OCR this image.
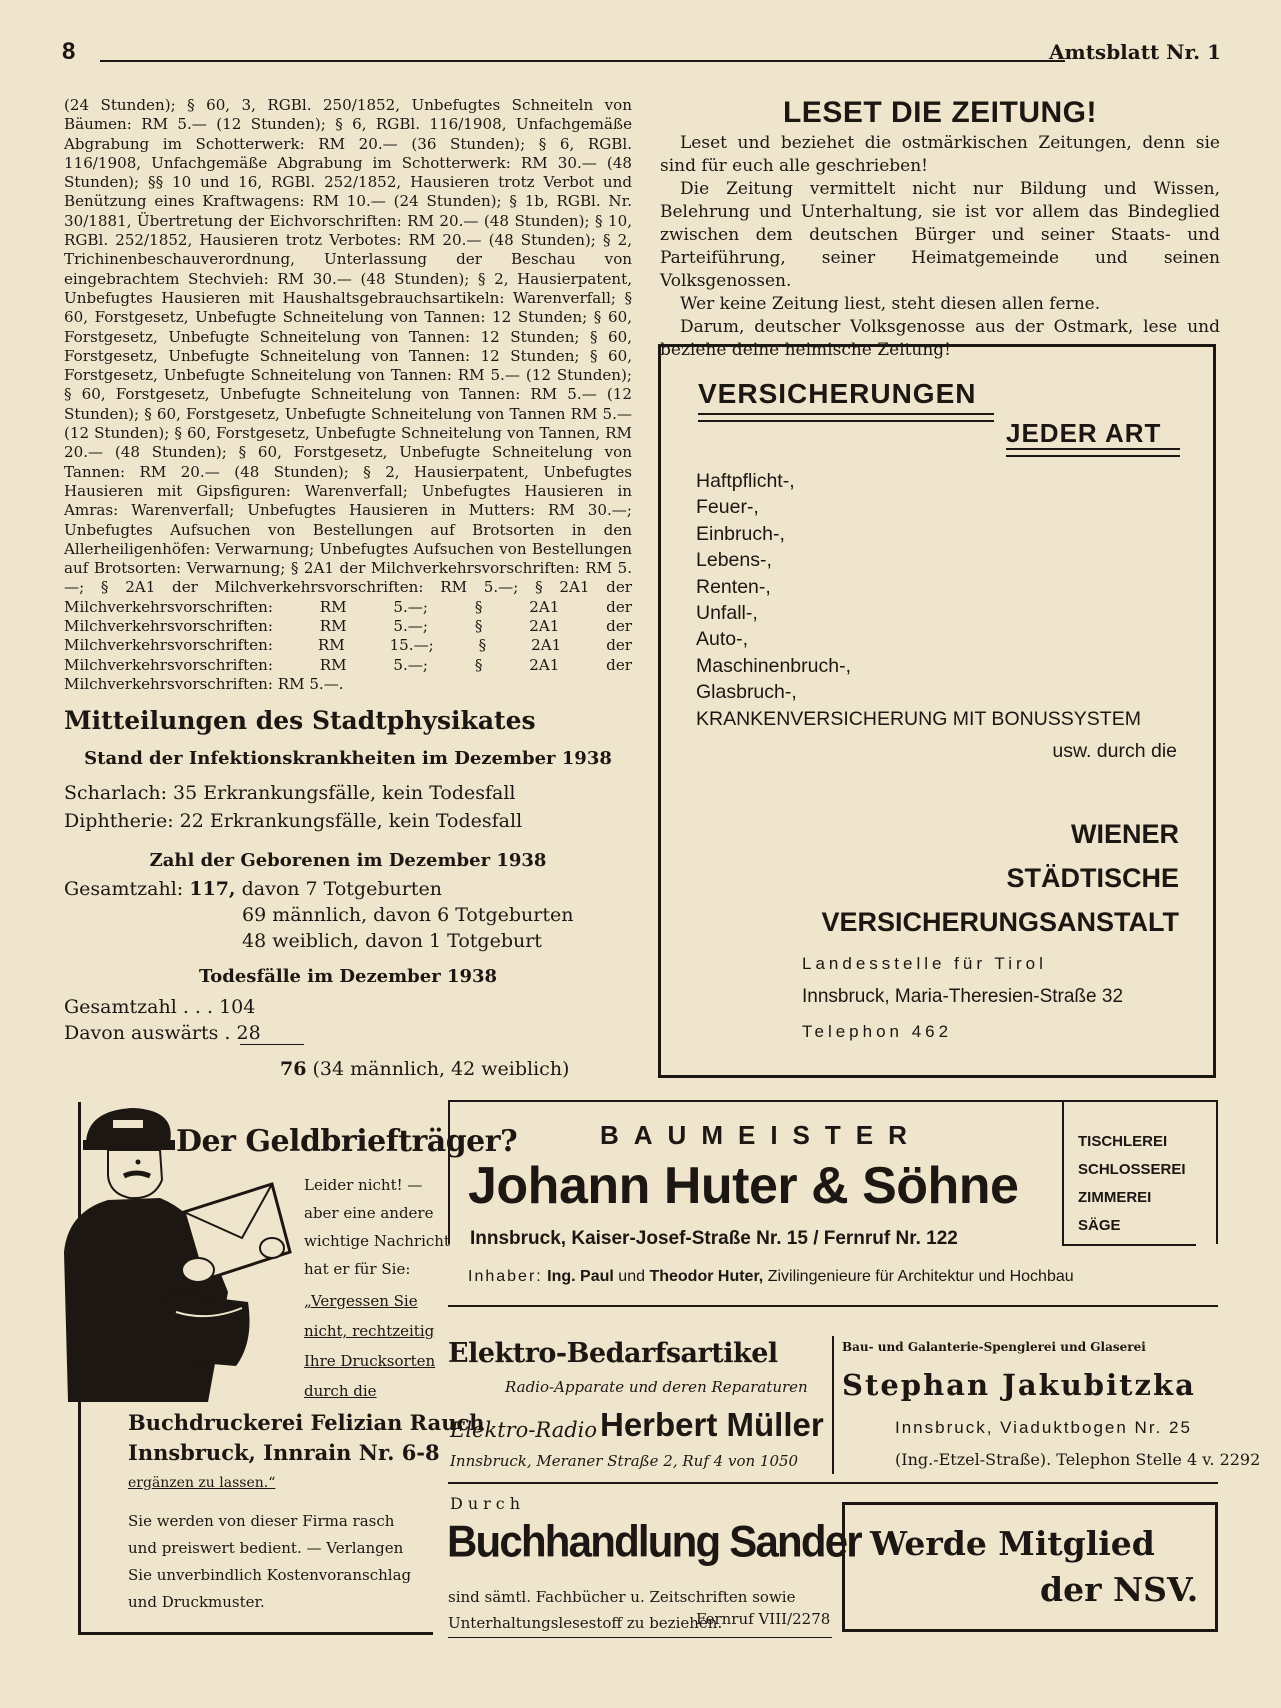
8	Amtsblatt Nr. 1
(24 Stunden); § 60, 3, RGBl. 250/1852, Unbefugtes Schneiteln von Bäumen: RM 5.— (12 Stunden); § 6, RGBl. 116/1908, Unfachgemäße Abgrabung im Schotterwerk: RM 20.— (36 Stunden); § 6, RGBl. 116/1908, Unfachgemäße Abgrabung im Schotterwerk: RM 30.— (48 Stunden); §§ 10 und 16, RGBl. 252/1852, Hausieren trotz Verbot und Benützung eines Kraftwagens: RM 10.— (24 Stunden); § 1b, RGBl. Nr. 30/1881, Übertretung der Eichvorschriften: RM 20.— (48 Stunden); § 10, RGBl. 252/1852, Hausieren trotz Verbotes: RM 20.— (48 Stunden); § 2, Trichinenbeschauverordnung, Unterlassung der Beschau von eingebrachtem Stechvieh: RM 30.— (48 Stunden); § 2, Hausierpatent, Unbefugtes Hausieren mit Haushaltsgebrauchsartikeln: Warenverfall; § 60, Forstgesetz, Unbefugte Schneitelung von Tannen: 12 Stunden; § 60, Forstgesetz, Unbefugte Schneitelung von Tannen: 12 Stunden; § 60, Forstgesetz, Unbefugte Schneitelung von Tannen: 12 Stunden; § 60, Forstgesetz, Unbefugte Schneitelung von Tannen: RM 5.— (12 Stunden); § 60, Forstgesetz, Unbefugte Schneitelung von Tannen: RM 5.— (12 Stunden); § 60, Forstgesetz, Unbefugte Schneitelung von Tannen RM 5.— (12 Stunden); § 60, Forstgesetz, Unbefugte Schneitelung von Tannen, RM 20.— (48 Stunden); § 60, Forstgesetz, Unbefugte Schneitelung von Tannen: RM 20.— (48 Stunden); § 2, Hausierpatent, Unbefugtes Hausieren mit Gipsfiguren: Warenverfall; Unbefugtes Hausieren in Amras: Warenverfall; Unbefugtes Hausieren in Mutters: RM 30.—; Unbefugtes Aufsuchen von Bestellungen auf Brotsorten in den Allerheiligenhöfen: Verwarnung; Unbefugtes Aufsuchen von Bestellungen auf Brotsorten: Verwarnung; § 2A1 der Milchverkehrsvorschriften: RM 5.—; § 2A1 der Milchverkehrsvorschriften: RM 5.—; § 2A1 der Milchverkehrsvorschriften: RM 5.—; § 2A1 der Milchverkehrsvorschriften: RM 5.—; § 2A1 der Milchverkehrsvorschriften: RM 15.—; § 2A1 der Milchverkehrsvorschriften: RM 5.—; § 2A1 der Milchverkehrsvorschriften: RM 5.—.
Mitteilungen des Stadtphysikates
Stand der Infektionskrankheiten im Dezember 1938
Scharlach: 35 Erkrankungsfälle, kein Todesfall
Diphtherie: 22 Erkrankungsfälle, kein Todesfall
Zahl der Geborenen im Dezember 1938
Gesamtzahl: 117, davon 7 Totgeburten
69 männlich, davon 6 Totgeburten
48 weiblich, davon 1 Totgeburt
Todesfälle im Dezember 1938
Gesamtzahl . . . 104
Davon auswärts . 28
76 (34 männlich, 42 weiblich)
LESET DIE ZEITUNG!

Leset und beziehet die ostmärkischen Zeitungen, denn sie sind für euch alle geschrieben!

Die Zeitung vermittelt nicht nur Bildung und Wissen, Belehrung und Unterhaltung, sie ist vor allem das Bindeglied zwischen dem deutschen Bürger und seiner Staats- und Parteiführung, seiner Heimatgemeinde und seinen Volksgenossen.

Wer keine Zeitung liest, steht diesen allen ferne.

Darum, deutscher Volksgenosse aus der Ostmark, lese und beziehe deine heimische Zeitung!

VERSICHERUNGEN
JEDER ART
Haftpflicht-,
Feuer-,
Einbruch-,
Lebens-,
Renten-,
Unfall-,
Auto-,
Maschinenbruch-,
Glasbruch-,
KRANKENVERSICHERUNG MIT BONUSSYSTEM
usw. durch die
WIENER
STÄDTISCHE
VERSICHERUNGSANSTALT
Landesstelle für Tirol
Innsbruck, Maria-Theresien-Straße 32
Telephon 462
Der Geldbriefträger?
Leider nicht! —
aber eine andere
wichtige Nachricht
hat er für Sie:
„Vergessen Sie
nicht, rechtzeitig
Ihre Drucksorten
durch die
Buchdruckerei Felizian Rauch
Innsbruck, Innrain Nr. 6-8
ergänzen zu lassen.“
Sie werden von dieser Firma rasch und preiswert bedient. — Verlangen Sie unverbindlich Kostenvoranschlag und Druckmuster.
BAUMEISTER
Johann Huter & Söhne
Innsbruck, Kaiser-Josef-Straße Nr. 15 / Fernruf Nr. 122
TISCHLEREI
SCHLOSSEREI
ZIMMEREI
SÄGE
Inhaber: Ing. Paul und Theodor Huter, Zivilingenieure für Architektur und Hochbau
Elektro-Bedarfsartikel
Radio-Apparate und deren Reparaturen
Elektro-Radio Herbert Müller
Innsbruck, Meraner Straße 2, Ruf 4 von 1050
Bau- und Galanterie-Spenglerei und Glaserei
Stephan Jakubitzka
Innsbruck, Viaduktbogen Nr. 25
(Ing.-Etzel-Straße). Telephon Stelle 4 v. 2292
Durch
Buchhandlung Sander
sind sämtl. Fachbücher u. Zeitschriften sowie Unterhaltungslesestoff zu beziehen.
Fernruf VIII/2278
Werde Mitglied
der NSV.
